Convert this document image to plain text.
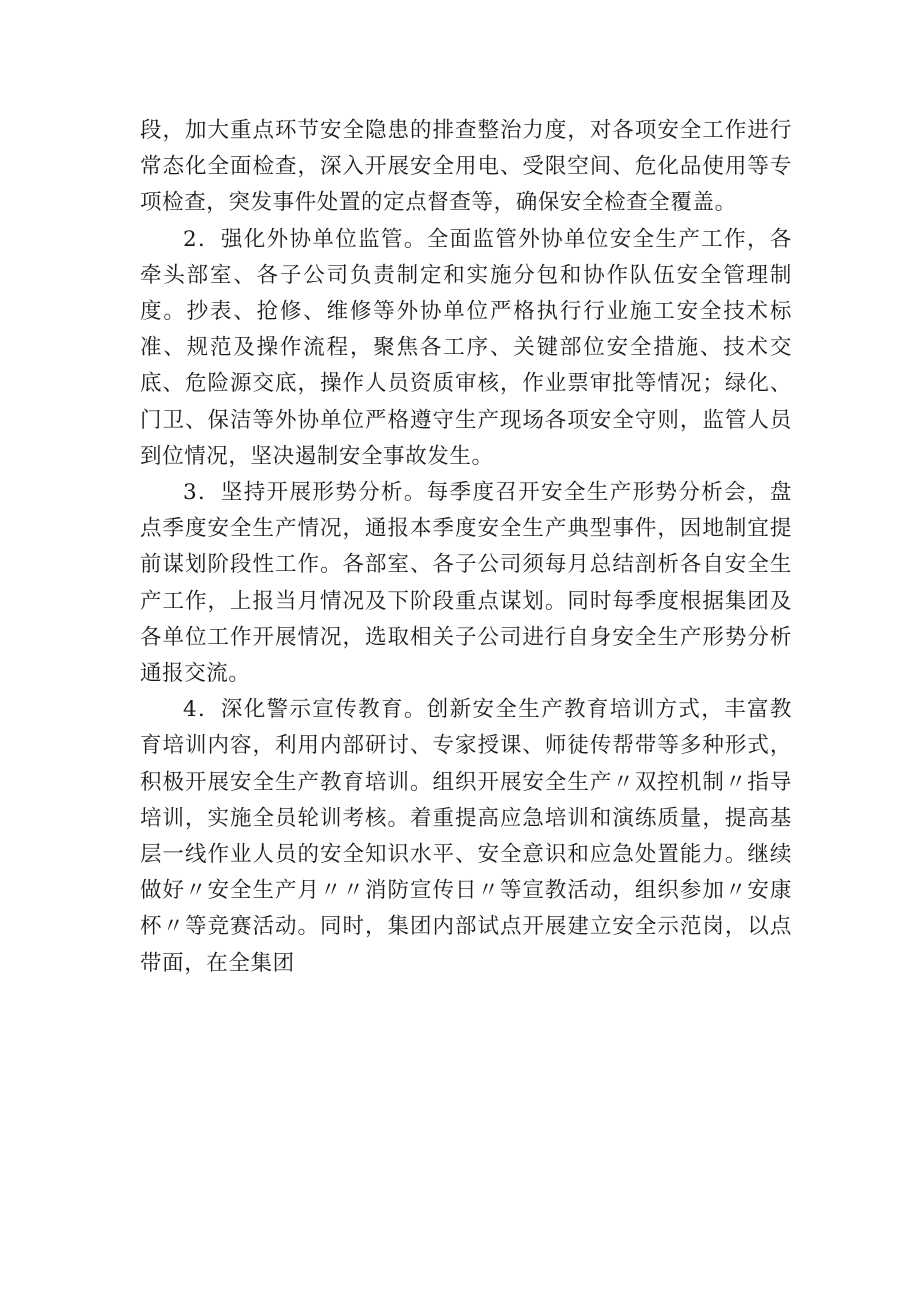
段，加大重点环节安全隐患的排查整治力度，对各项安全工作进行常态化全面检查，深入开展安全用电、受限空间、危化品使用等专项检查，突发事件处置的定点督查等，确保安全检查全覆盖。

2．强化外协单位监管。全面监管外协单位安全生产工作，各牵头部室、各子公司负责制定和实施分包和协作队伍安全管理制度。抄表、抢修、维修等外协单位严格执行行业施工安全技术标准、规范及操作流程，聚焦各工序、关键部位安全措施、技术交底、危险源交底，操作人员资质审核，作业票审批等情况；绿化、门卫、保洁等外协单位严格遵守生产现场各项安全守则，监管人员到位情况，坚决遏制安全事故发生。

3．坚持开展形势分析。每季度召开安全生产形势分析会，盘点季度安全生产情况，通报本季度安全生产典型事件，因地制宜提前谋划阶段性工作。各部室、各子公司须每月总结剖析各自安全生产工作，上报当月情况及下阶段重点谋划。同时每季度根据集团及各单位工作开展情况，选取相关子公司进行自身安全生产形势分析通报交流。

4．深化警示宣传教育。创新安全生产教育培训方式，丰富教育培训内容，利用内部研讨、专家授课、师徒传帮带等多种形式，积极开展安全生产教育培训。组织开展安全生产〃双控机制〃指导培训，实施全员轮训考核。着重提高应急培训和演练质量，提高基层一线作业人员的安全知识水平、安全意识和应急处置能力。继续做好〃安全生产月〃〃消防宣传日〃等宣教活动，组织参加〃安康杯〃等竞赛活动。同时，集团内部试点开展建立安全示范岗，以点带面，在全集团
